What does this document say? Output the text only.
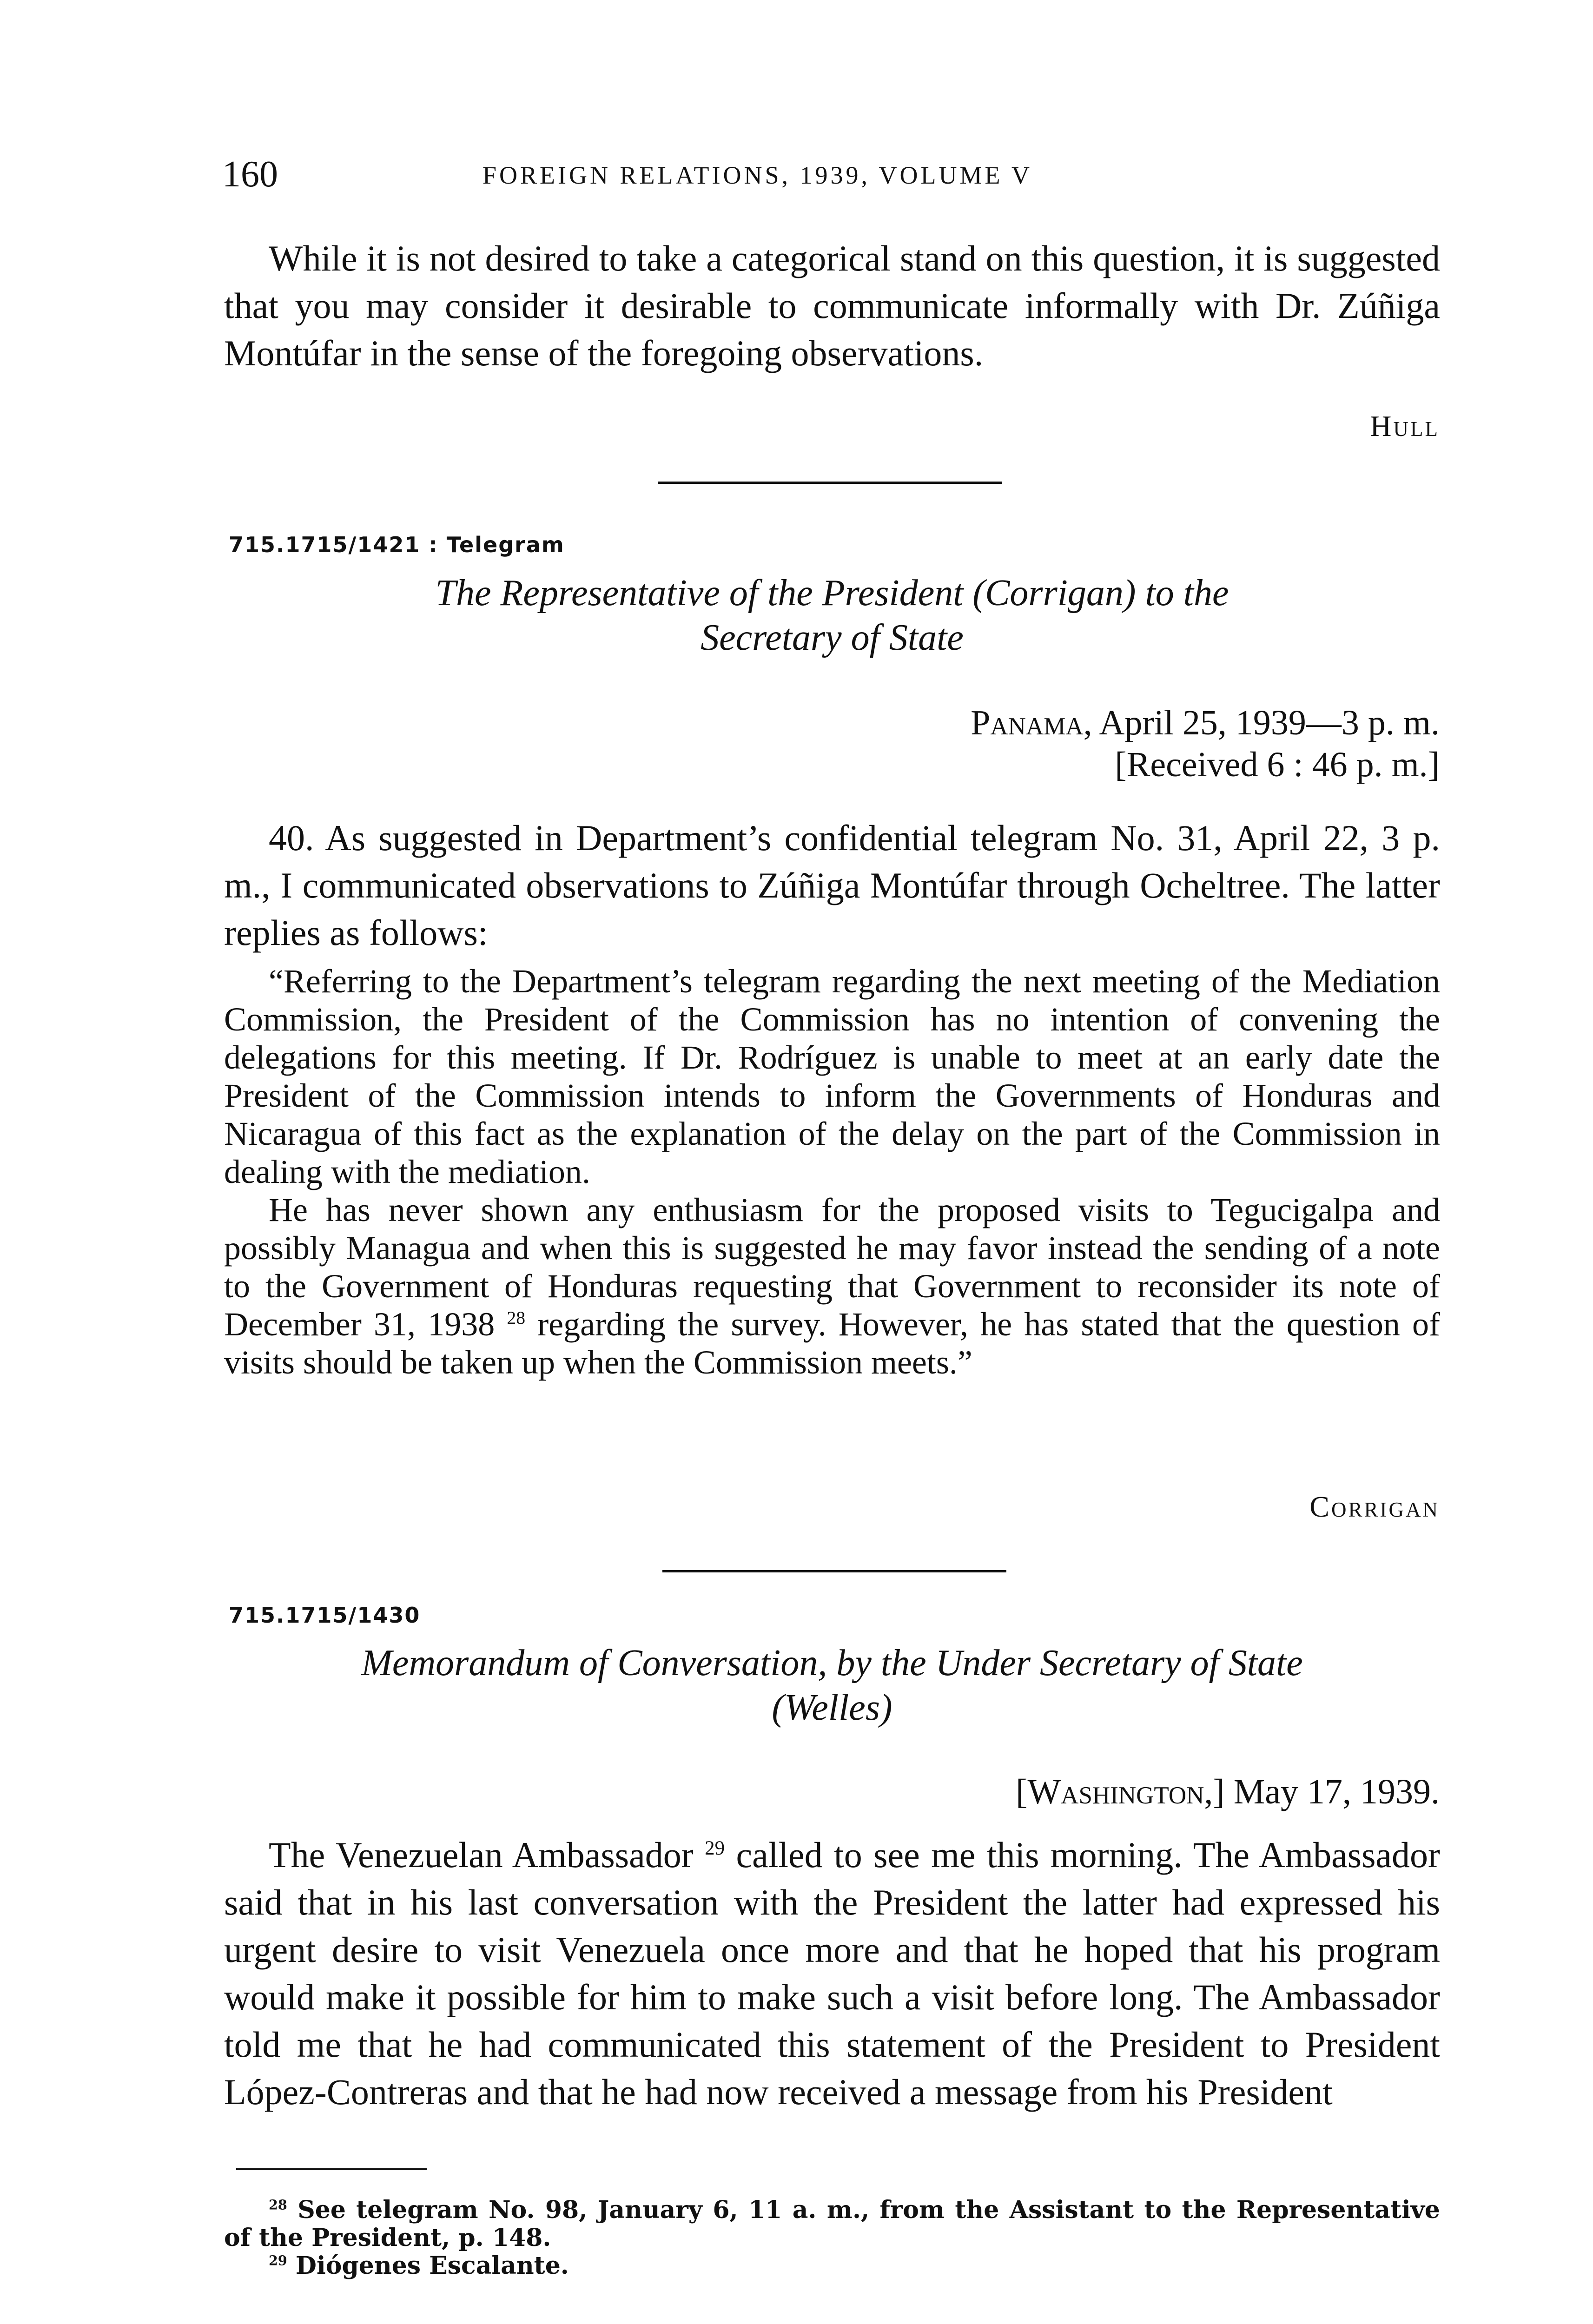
160	FOREIGN RELATIONS, 1939, VOLUME V

While it is not desired to take a categorical stand on this question, it is suggested that you may consider it desirable to communicate informally with Dr. Zúñiga Montúfar in the sense of the foregoing observations.

Hull
715.1715/1421 : Telegram
The Representative of the President (Corrigan) to the
Secretary of State
Panama, April 25, 1939—3 p. m.
[Received 6 : 46 p. m.]

40. As suggested in Department’s confidential telegram No. 31, April 22, 3 p. m., I communicated observations to Zúñiga Montúfar through Ocheltree. The latter replies as follows:

“Referring to the Department’s telegram regarding the next meeting of the Mediation Commission, the President of the Commission has no intention of convening the delegations for this meeting. If Dr. Rodríguez is unable to meet at an early date the President of the Commission intends to inform the Governments of Honduras and Nicaragua of this fact as the explanation of the delay on the part of the Commission in dealing with the mediation.

He has never shown any enthusiasm for the proposed visits to Tegucigalpa and possibly Managua and when this is suggested he may favor instead the sending of a note to the Government of Honduras requesting that Government to reconsider its note of December 31, 1938 $^{28}$ regarding the survey. However, he has stated that the question of visits should be taken up when the Commission meets.”

Corrigan
715.1715/1430
Memorandum of Conversation, by the Under Secretary of State
(Welles)
[Washington,] May 17, 1939.

The Venezuelan Ambassador $^{29}$ called to see me this morning. The Ambassador said that in his last conversation with the President the latter had expressed his urgent desire to visit Venezuela once more and that he hoped that his program would make it possible for him to make such a visit before long. The Ambassador told me that he had communicated this statement of the President to President López-Contreras and that he had now received a message from his President

$^{28}$ See telegram No. 98, January 6, 11 a. m., from the Assistant to the Representative of the President, p. 148.

$^{29}$ Diógenes Escalante.
